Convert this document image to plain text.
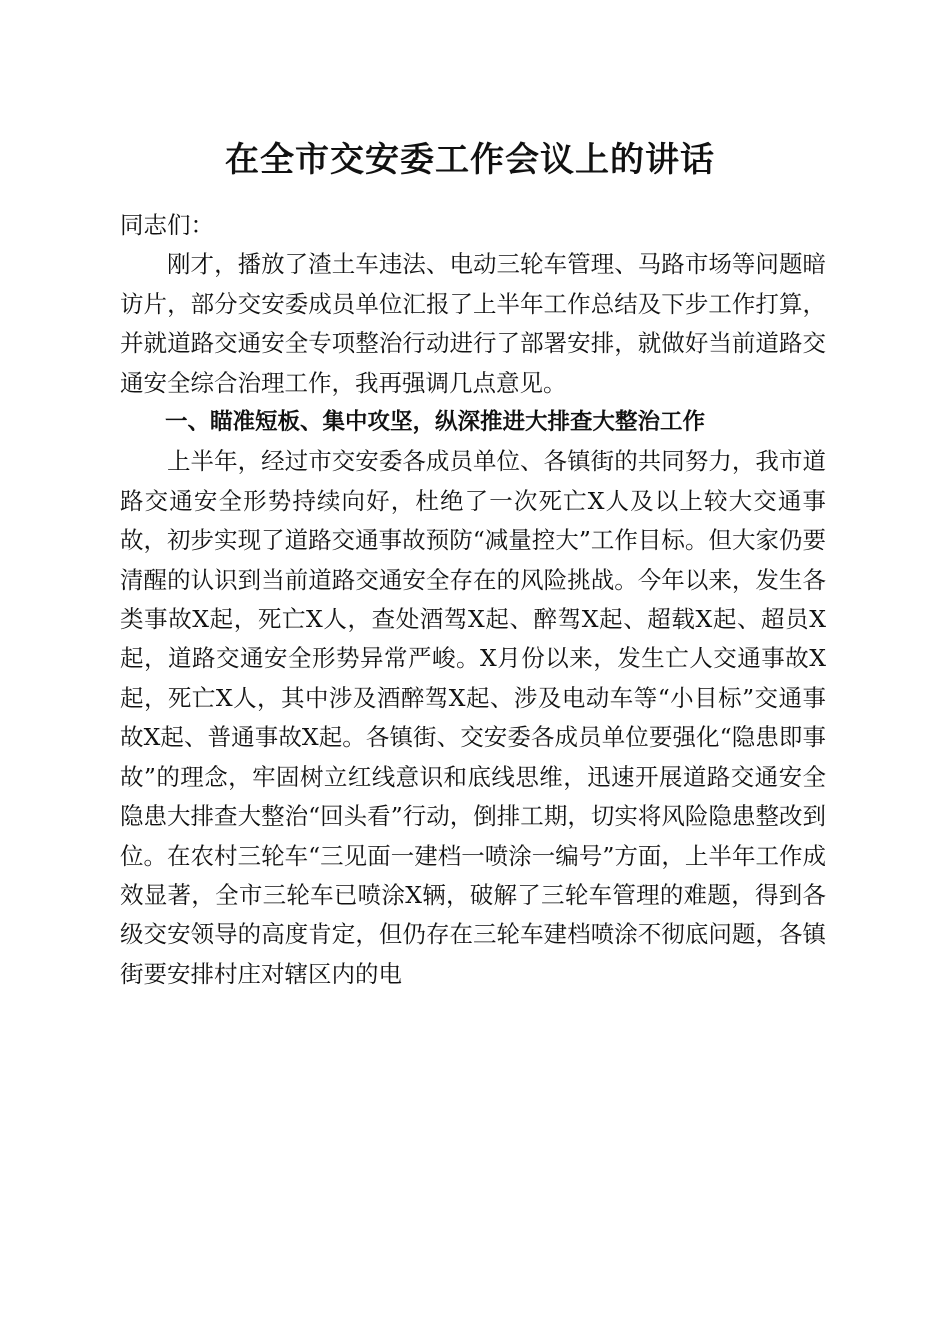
在全市交安委工作会议上的讲话

同志们：

刚才，播放了渣土车违法、电动三轮车管理、马路市场等问题暗访片，部分交安委成员单位汇报了上半年工作总结及下步工作打算，并就道路交通安全专项整治行动进行了部署安排，就做好当前道路交通安全综合治理工作，我再强调几点意见。

一、瞄准短板、集中攻坚，纵深推进大排查大整治工作

上半年，经过市交安委各成员单位、各镇街的共同努力，我市道路交通安全形势持续向好，杜绝了一次死亡X人及以上较大交通事故，初步实现了道路交通事故预防“减量控大”工作目标。但大家仍要清醒的认识到当前道路交通安全存在的风险挑战。今年以来，发生各类事故X起，死亡X人，查处酒驾X起、醉驾X起、超载X起、超员X起，道路交通安全形势异常严峻。X月份以来，发生亡人交通事故X起，死亡X人，其中涉及酒醉驾X起、涉及电动车等“小目标”交通事故X起、普通事故X起。各镇街、交安委各成员单位要强化“隐患即事故”的理念，牢固树立红线意识和底线思维，迅速开展道路交通安全隐患大排查大整治“回头看”行动，倒排工期，切实将风险隐患整改到位。在农村三轮车“三见面一建档一喷涂一编号”方面，上半年工作成效显著，全市三轮车已喷涂X辆，破解了三轮车管理的难题，得到各级交安领导的高度肯定，但仍存在三轮车建档喷涂不彻底问题，各镇街要安排村庄对辖区内的电
